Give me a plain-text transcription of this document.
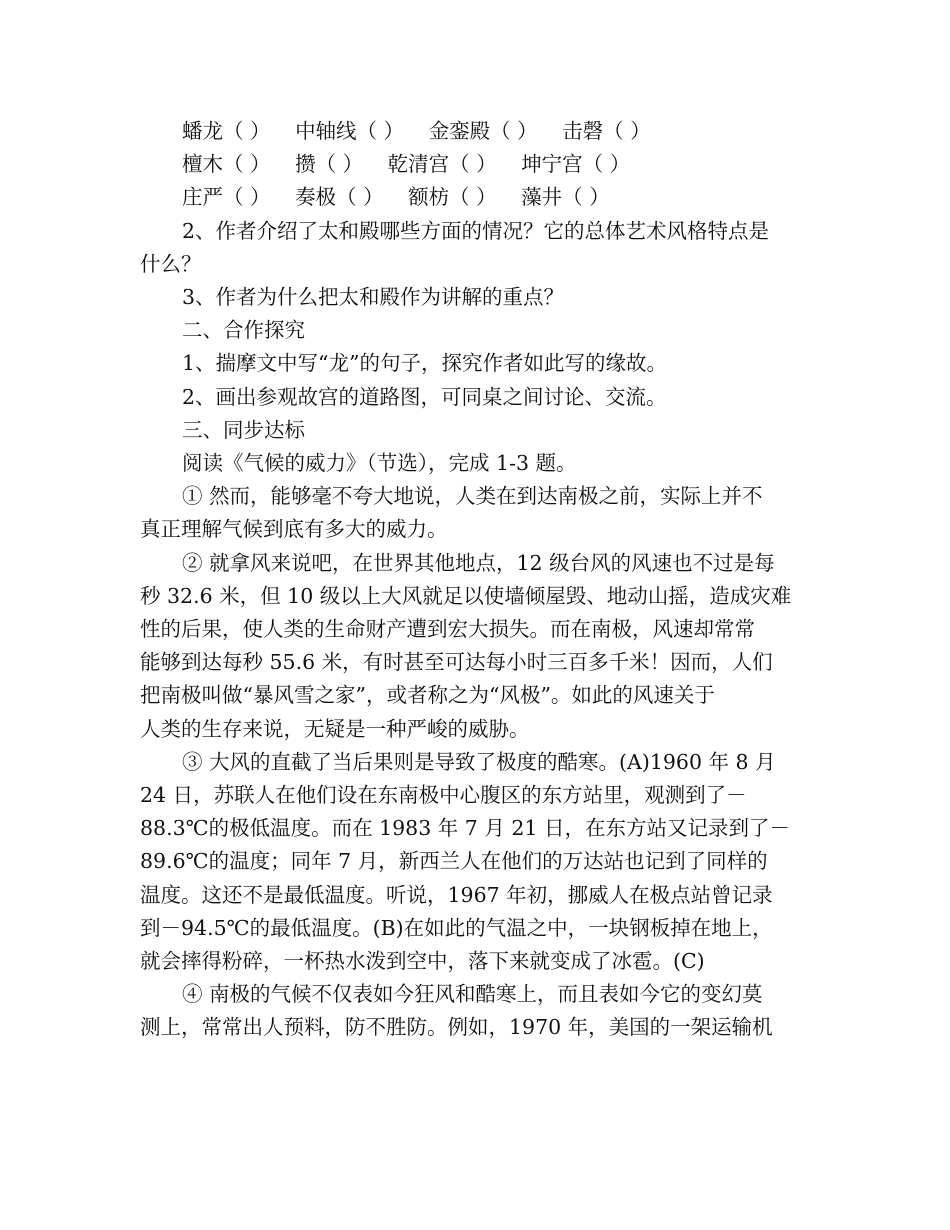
蟠龙（ ） 中轴线（ ） 金銮殿（ ） 击磬（ ）
檀木（ ） 攒（ ） 乾清宫（ ） 坤宁宫（ ）
庄严（ ） 奏极（ ） 额枋（ ） 藻井（ ）

2、作者介绍了太和殿哪些方面的情况？它的总体艺术风格特点是

什么？

3、作者为什么把太和殿作为讲解的重点？

二、合作探究

1、揣摩文中写“龙”的句子，探究作者如此写的缘故。

2、画出参观故宫的道路图，可同桌之间讨论、交流。

三、同步达标

阅读《气候的威力》（节选），完成 1-3 题。

① 然而，能够毫不夸大地说，人类在到达南极之前，实际上并不

真正理解气候到底有多大的威力。

② 就拿风来说吧，在世界其他地点，12 级台风的风速也不过是每

秒 32.6 米，但 10 级以上大风就足以使墙倾屋毁、地动山摇，造成灾难

性的后果，使人类的生命财产遭到宏大损失。而在南极，风速却常常

能够到达每秒 55.6 米，有时甚至可达每小时三百多千米！因而，人们

把南极叫做“暴风雪之家”，或者称之为“风极”。如此的风速关于

人类的生存来说，无疑是一种严峻的威胁。

③ 大风的直截了当后果则是导致了极度的酷寒。(A)1960 年 8 月

24 日，苏联人在他们设在东南极中心腹区的东方站里，观测到了－

88.3℃的极低温度。而在 1983 年 7 月 21 日，在东方站又记录到了－

89.6℃的温度；同年 7 月，新西兰人在他们的万达站也记到了同样的

温度。这还不是最低温度。听说，1967 年初，挪威人在极点站曾记录

到－94.5℃的最低温度。(B)在如此的气温之中，一块钢板掉在地上，

就会摔得粉碎，一杯热水泼到空中，落下来就变成了冰雹。(C)

④ 南极的气候不仅表如今狂风和酷寒上，而且表如今它的变幻莫

测上，常常出人预料，防不胜防。例如，1970 年，美国的一架运输机
